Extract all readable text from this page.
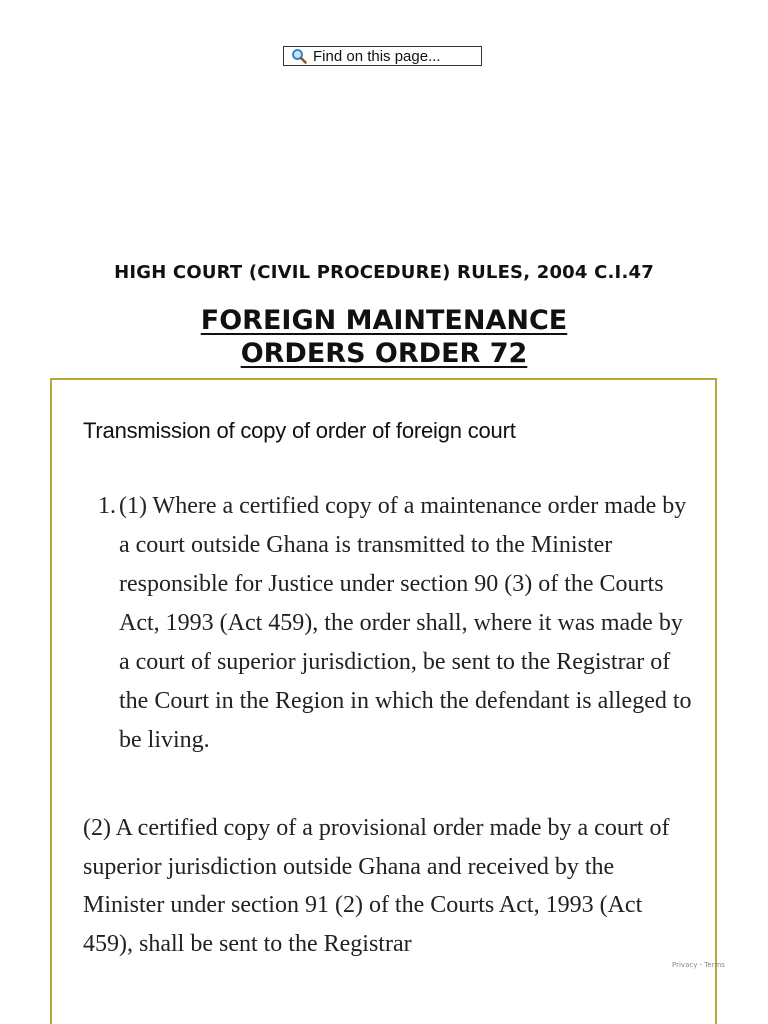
Find on this page...
HIGH COURT (CIVIL PROCEDURE) RULES, 2004 C.I.47
FOREIGN MAINTENANCE
ORDERS ORDER 72
Transmission of copy of order of foreign court
1. (1) Where a certified copy of a maintenance order made by a court outside Ghana is transmitted to the Minister responsible for Justice under section 90 (3) of the Courts Act, 1993 (Act 459), the order shall, where it was made by a court of superior jurisdiction, be sent to the Registrar of the Court in the Region in which the defendant is alleged to be living.
(2) A certified copy of a provisional order made by a court of superior jurisdiction outside Ghana and received by the Minister under section 91 (2) of the Courts Act, 1993 (Act 459), shall be sent to the Registrar
Privacy - Terms
